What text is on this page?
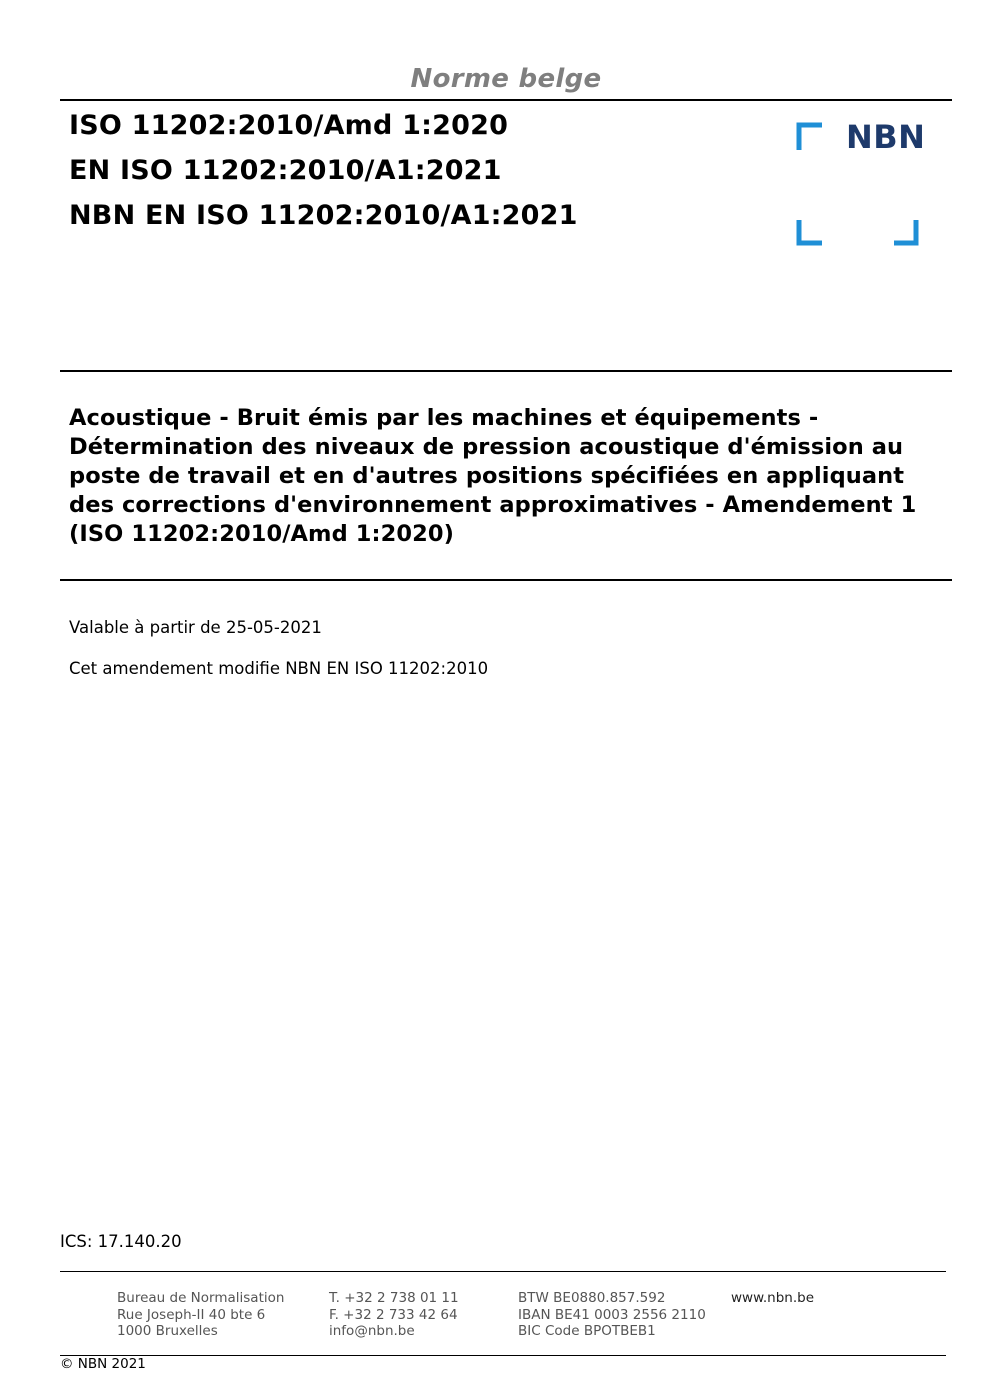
Norme belge
ISO 11202:2010/Amd 1:2020
EN ISO 11202:2010/A1:2021
NBN EN ISO 11202:2010/A1:2021
NBN
Acoustique - Bruit émis par les machines et équipements - Détermination des niveaux de pression acoustique d'émission au poste de travail et en d'autres positions spécifiées en appliquant des corrections d'environnement approximatives - Amendement 1 (ISO 11202:2010/Amd 1:2020)
Valable à partir de 25-05-2021
Cet amendement modifie NBN EN ISO 11202:2010
ICS: 17.140.20
Bureau de Normalisation
Rue Joseph-II 40 bte 6
1000 Bruxelles
T. +32 2 738 01 11
F. +32 2 733 42 64
info@nbn.be
BTW BE0880.857.592
IBAN BE41 0003 2556 2110
BIC Code BPOTBEB1
www.nbn.be
© NBN 2021
